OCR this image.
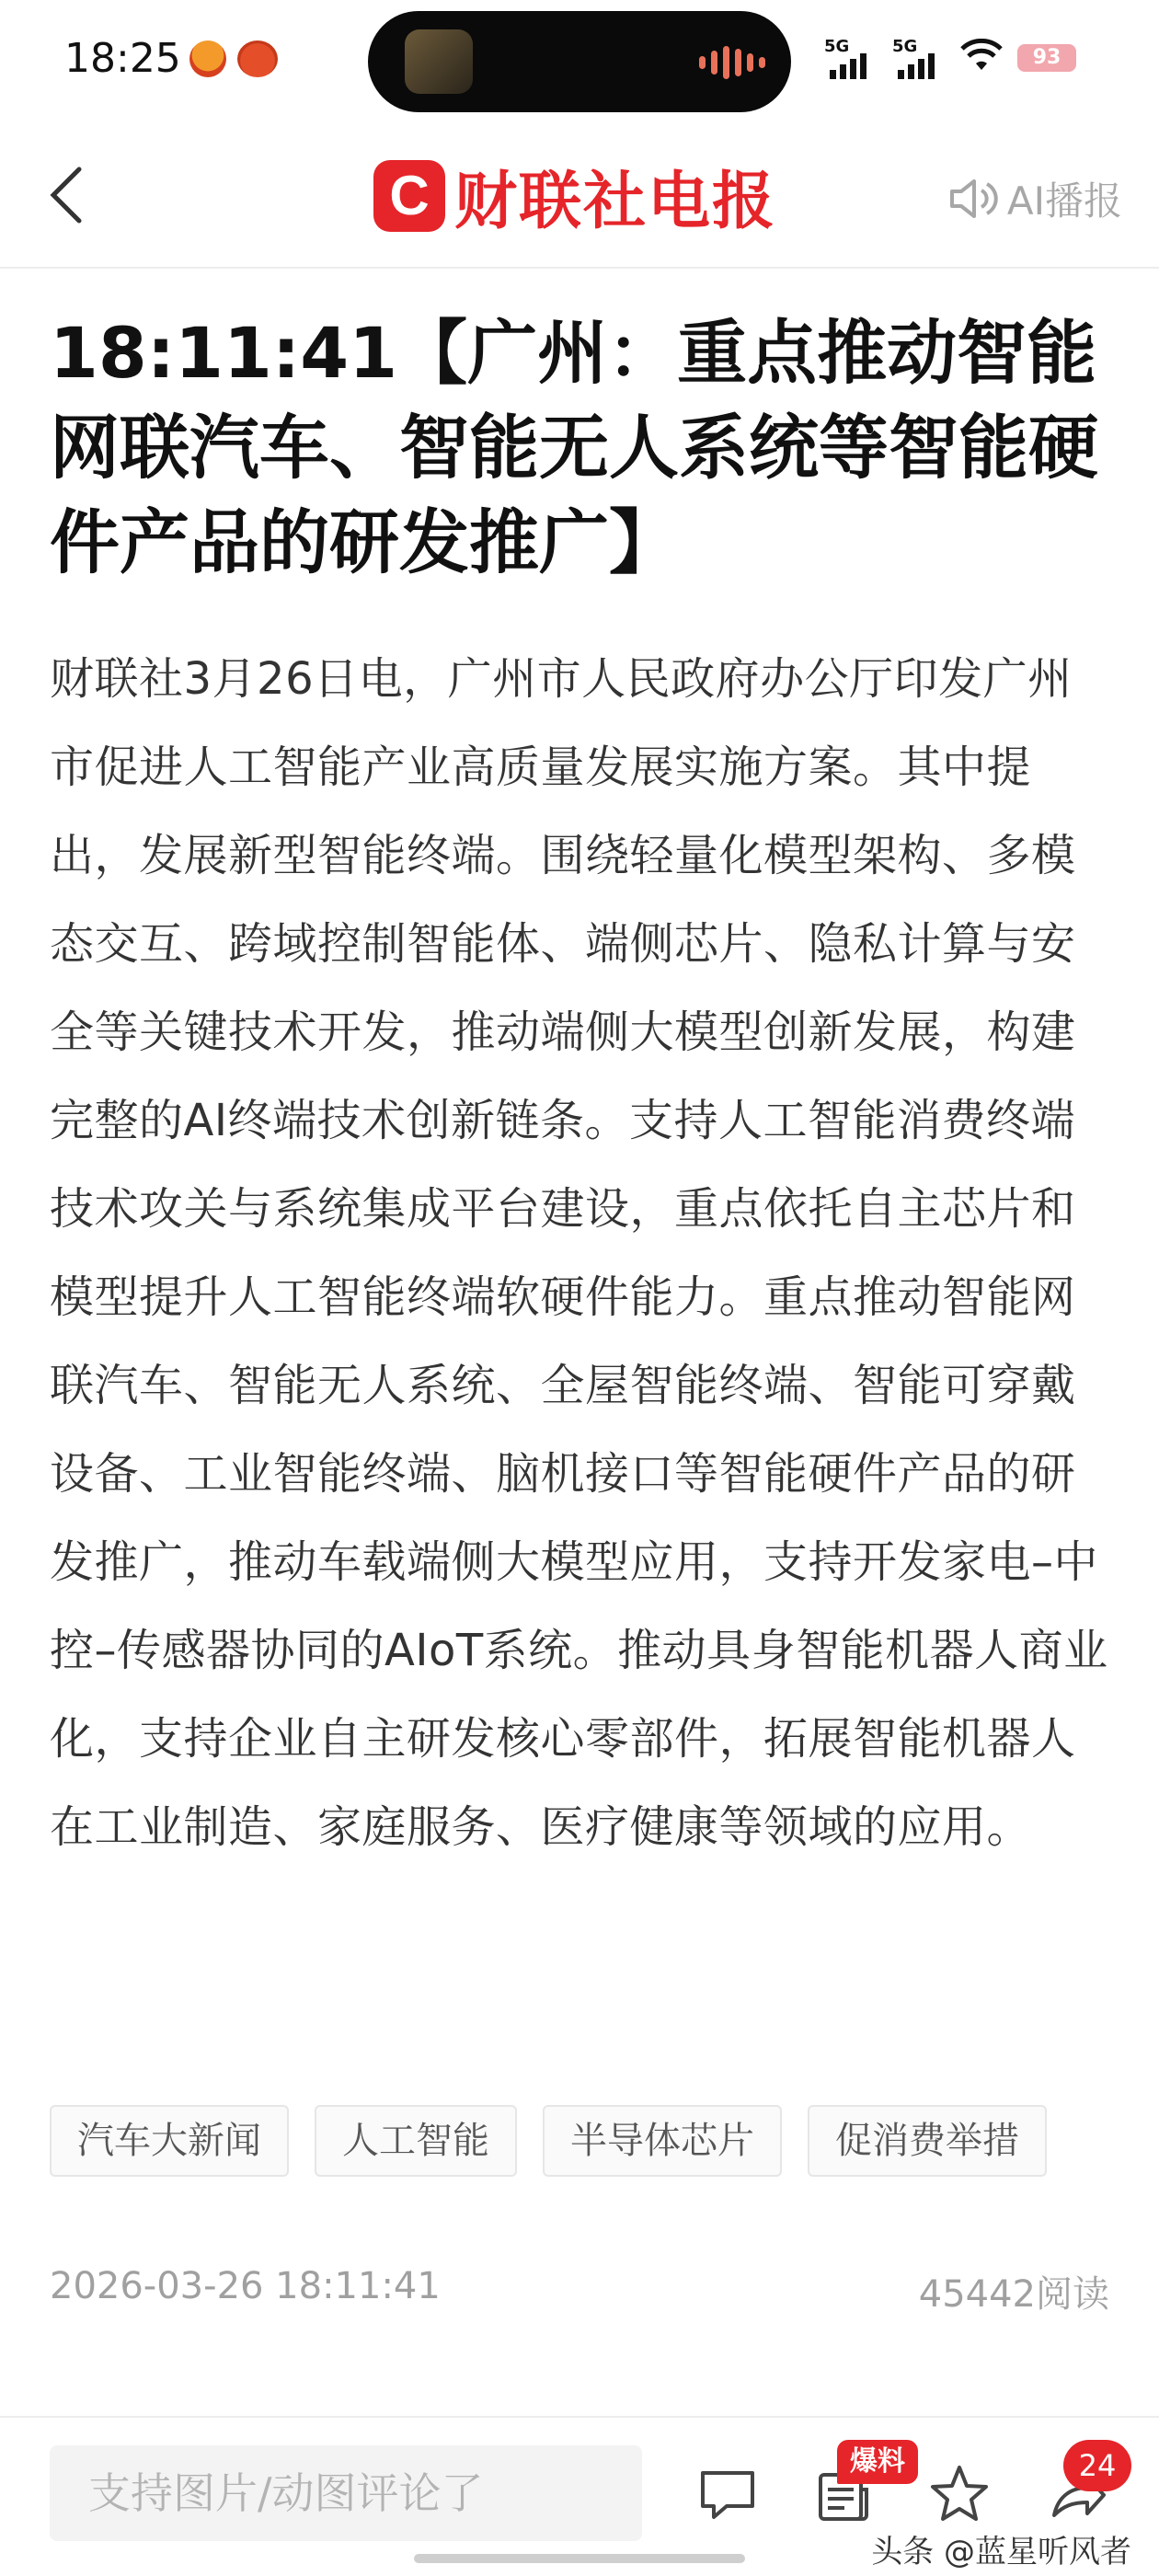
18:25	5G	5G	93
C 财联社电报	AI播报
18:11:41【广州：重点推动智能网联汽车、智能无人系统等智能硬件产品的研发推广】
财联社3月26日电，广州市人民政府办公厅印发广州市促进人工智能产业高质量发展实施方案。其中提出，发展新型智能终端。围绕轻量化模型架构、多模态交互、跨域控制智能体、端侧芯片、隐私计算与安全等关键技术开发，推动端侧大模型创新发展，构建完整的AI终端技术创新链条。支持人工智能消费终端技术攻关与系统集成平台建设，重点依托自主芯片和模型提升人工智能终端软硬件能力。重点推动智能网联汽车、智能无人系统、全屋智能终端、智能可穿戴设备、工业智能终端、脑机接口等智能硬件产品的研发推广，推动车载端侧大模型应用，支持开发家电–中控–传感器协同的AIoT系统。推动具身智能机器人商业化，支持企业自主研发核心零部件，拓展智能机器人在工业制造、家庭服务、医疗健康等领域的应用。
汽车大新闻	人工智能	半导体芯片	促消费举措
2026-03-26 18:11:41	45442阅读
支持图片/动图评论了
爆料	24
头条 @蓝星听风者
